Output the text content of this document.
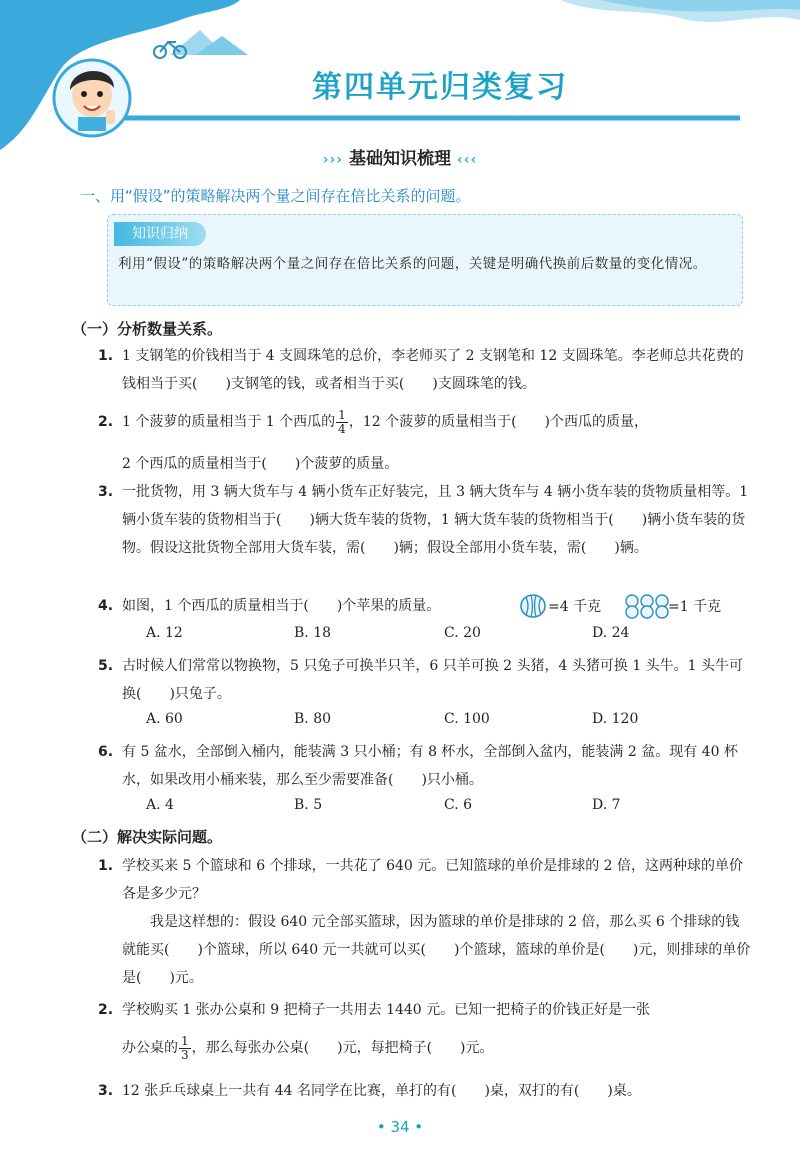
第四单元归类复习
››› 基础知识梳理 ‹‹‹
一、用“假设”的策略解决两个量之间存在倍比关系的问题。
知识归纳
利用“假设”的策略解决两个量之间存在倍比关系的问题，关键是明确代换前后数量的变化情况。
（一）分析数量关系。
1. 1 支钢笔的价钱相当于 4 支圆珠笔的总价，李老师买了 2 支钢笔和 12 支圆珠笔。李老师总共花费的钱相当于买(　　)支钢笔的钱，或者相当于买(　　)支圆珠笔的钱。
2. 1 个菠萝的质量相当于 1 个西瓜的 $\frac{1}{4}$ ，12 个菠萝的质量相当于(　　)个西瓜的质量，
2 个西瓜的质量相当于(　　)个菠萝的质量。
3. 一批货物，用 3 辆大货车与 4 辆小货车正好装完，且 3 辆大货车与 4 辆小货车装的货物质量相等。1 辆小货车装的货物相当于(　　)辆大货车装的货物，1 辆大货车装的货物相当于(　　)辆小货车装的货物。假设这批货物全部用大货车装，需(　　)辆；假设全部用小货车装，需(　　)辆。
4. 如图，1 个西瓜的质量相当于(　　)个苹果的质量。	=4 千克	=1 千克
A. 12	B. 18	C. 20	D. 24
5. 古时候人们常常以物换物，5 只兔子可换半只羊，6 只羊可换 2 头猪，4 头猪可换 1 头牛。1 头牛可换(　　)只兔子。
A. 60	B. 80	C. 100	D. 120
6. 有 5 盆水，全部倒入桶内，能装满 3 只小桶；有 8 杯水，全部倒入盆内，能装满 2 盆。现有 40 杯水，如果改用小桶来装，那么至少需要准备(　　)只小桶。
A. 4	B. 5	C. 6	D. 7
（二）解决实际问题。
1. 学校买来 5 个篮球和 6 个排球，一共花了 640 元。已知篮球的单价是排球的 2 倍，这两种球的单价各是多少元？
我是这样想的：假设 640 元全部买篮球，因为篮球的单价是排球的 2 倍，那么买 6 个排球的钱就能买(　　)个篮球，所以 640 元一共就可以买(　　)个篮球，篮球的单价是(　　)元，则排球的单价是(　　)元。
2. 学校购买 1 张办公桌和 9 把椅子一共用去 1440 元。已知一把椅子的价钱正好是一张
办公桌的 $\frac{1}{3}$ ，那么每张办公桌(　　)元，每把椅子(　　)元。
3. 12 张乒乓球桌上一共有 44 名同学在比赛，单打的有(　　)桌，双打的有(　　)桌。
• 34 •
